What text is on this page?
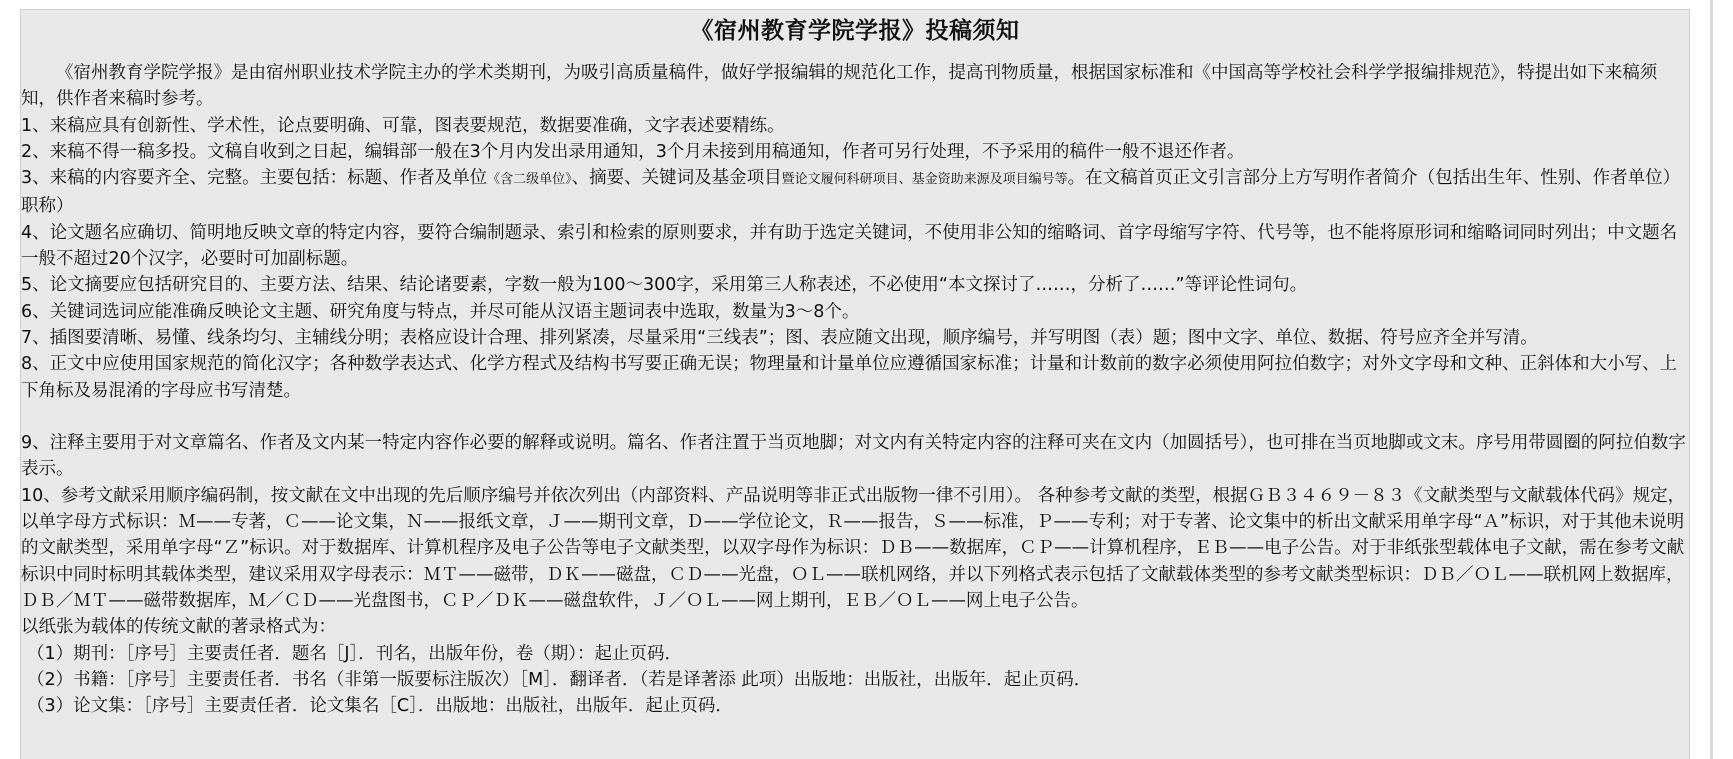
《宿州教育学院学报》投稿须知

《宿州教育学院学报》是由宿州职业技术学院主办的学术类期刊，为吸引高质量稿件，做好学报编辑的规范化工作，提高刊物质量，根据国家标准和《中国高等学校社会科学学报编排规范》，特提出如下来稿须知，供作者来稿时参考。

1、来稿应具有创新性、学术性，论点要明确、可靠，图表要规范，数据要准确，文字表述要精练。

2、来稿不得一稿多投。文稿自收到之日起，编辑部一般在3个月内发出录用通知，3个月未接到用稿通知，作者可另行处理，不予采用的稿件一般不退还作者。

3、来稿的内容要齐全、完整。主要包括：标题、作者及单位《含二级单位》、摘要、关键词及基金项目暨论文履何科研项目、基金资助来源及项目编号等。在文稿首页正文引言部分上方写明作者简介（包括出生年、性别、作者单位）职称）

4、论文题名应确切、简明地反映文章的特定内容，要符合编制题录、索引和检索的原则要求，并有助于选定关键词，不使用非公知的缩略词、首字母缩写字符、代号等，也不能将原形词和缩略词同时列出；中文题名一般不超过20个汉字，必要时可加副标题。

5、论文摘要应包括研究目的、主要方法、结果、结论诸要素，字数一般为100～300字，采用第三人称表述，不必使用“本文探讨了……，分析了……”等评论性词句。

6、关键词选词应能准确反映论文主题、研究角度与特点，并尽可能从汉语主题词表中选取，数量为3～8个。

7、插图要清晰、易懂、线条均匀、主辅线分明；表格应设计合理、排列紧凑，尽量采用“三线表”；图、表应随文出现，顺序编号，并写明图（表）题；图中文字、单位、数据、符号应齐全并写清。

8、正文中应使用国家规范的简化汉字；各种数学表达式、化学方程式及结构书写要正确无误；物理量和计量单位应遵循国家标准；计量和计数前的数字必须使用阿拉伯数字；对外文字母和文种、正斜体和大小写、上下角标及易混淆的字母应书写清楚。

9、注释主要用于对文章篇名、作者及文内某一特定内容作必要的解释或说明。篇名、作者注置于当页地脚；对文内有关特定内容的注释可夹在文内（加圆括号），也可排在当页地脚或文末。序号用带圆圈的阿拉伯数字表示。

10、参考文献采用顺序编码制，按文献在文中出现的先后顺序编号并依次列出（内部资料、产品说明等非正式出版物一律不引用）。 各种参考文献的类型，根据ＧＢ３４６９－８３《文献类型与文献载体代码》规定，以单字母方式标识：Ｍ——专著，Ｃ——论文集，Ｎ——报纸文章，Ｊ——期刊文章，Ｄ——学位论文，Ｒ——报告，Ｓ——标准，Ｐ——专利；对于专著、论文集中的析出文献采用单字母“Ａ”标识，对于其他未说明的文献类型，采用单字母“Ｚ”标识。对于数据库、计算机程序及电子公告等电子文献类型，以双字母作为标识：ＤＢ——数据库，ＣＰ——计算机程序，ＥＢ——电子公告。对于非纸张型载体电子文献，需在参考文献标识中同时标明其载体类型，建议采用双字母表示：ＭＴ——磁带，ＤＫ——磁盘，ＣＤ——光盘，ＯＬ——联机网络，并以下列格式表示包括了文献载体类型的参考文献类型标识：ＤＢ／ＯＬ——联机网上数据库，ＤＢ／ＭＴ——磁带数据库，Ｍ／ＣＤ——光盘图书，ＣＰ／ＤＫ——磁盘软件，Ｊ／ＯＬ——网上期刊，ＥＢ／ＯＬ——网上电子公告。

以纸张为载体的传统文献的著录格式为：

（1）期刊：［序号］主要责任者．题名［J］．刊名，出版年份，卷（期）：起止页码．

（2）书籍：［序号］主要责任者．书名（非第一版要标注版次）［M］．翻译者．（若是译著添 此项）出版地：出版社，出版年．起止页码．

（3）论文集：［序号］主要责任者．论文集名［C］．出版地：出版社，出版年．起止页码．
